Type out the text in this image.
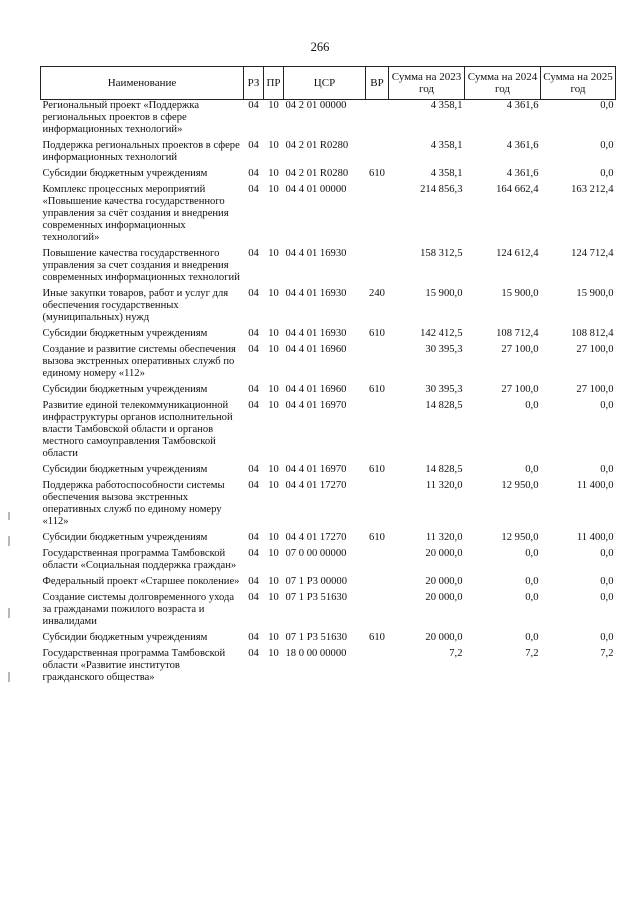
266
Наименование	РЗ	ПР	ЦСР	ВР	Сумма на 2023 год	Сумма на 2024 год	Сумма на 2025 год
Региональный проект «Поддержка региональных проектов в сфере информационных технологий»	04	10	04 2 01 00000		4 358,1	4 361,6	0,0
Поддержка региональных проектов в сфере информационных технологий	04	10	04 2 01 R0280		4 358,1	4 361,6	0,0
Субсидии бюджетным учреждениям	04	10	04 2 01 R0280	610	4 358,1	4 361,6	0,0
Комплекс процессных мероприятий «Повышение качества государственного управления за счёт создания и внедрения современных информационных технологий»	04	10	04 4 01 00000		214 856,3	164 662,4	163 212,4
Повышение качества государственного управления за счет создания и внедрения современных информационных технологий	04	10	04 4 01 16930		158 312,5	124 612,4	124 712,4
Иные закупки товаров, работ и услуг для обеспечения государственных (муниципальных) нужд	04	10	04 4 01 16930	240	15 900,0	15 900,0	15 900,0
Субсидии бюджетным учреждениям	04	10	04 4 01 16930	610	142 412,5	108 712,4	108 812,4
Создание и развитие системы обеспечения вызова экстренных оперативных служб по единому номеру «112»	04	10	04 4 01 16960		30 395,3	27 100,0	27 100,0
Субсидии бюджетным учреждениям	04	10	04 4 01 16960	610	30 395,3	27 100,0	27 100,0
Развитие единой телекоммуникационной инфраструктуры органов исполнительной власти Тамбовской области и органов местного самоуправления Тамбовской области	04	10	04 4 01 16970		14 828,5	0,0	0,0
Субсидии бюджетным учреждениям	04	10	04 4 01 16970	610	14 828,5	0,0	0,0
Поддержка работоспособности системы обеспечения вызова экстренных оперативных служб по единому номеру «112»	04	10	04 4 01 17270		11 320,0	12 950,0	11 400,0
Субсидии бюджетным учреждениям	04	10	04 4 01 17270	610	11 320,0	12 950,0	11 400,0
Государственная программа Тамбовской области «Социальная поддержка граждан»	04	10	07 0 00 00000		20 000,0	0,0	0,0
Федеральный проект «Старшее поколение»	04	10	07 1 P3 00000		20 000,0	0,0	0,0
Создание системы долговременного ухода за гражданами пожилого возраста и инвалидами	04	10	07 1 P3 51630		20 000,0	0,0	0,0
Субсидии бюджетным учреждениям	04	10	07 1 P3 51630	610	20 000,0	0,0	0,0
Государственная программа Тамбовской области «Развитие институтов гражданского общества»	04	10	18 0 00 00000		7,2	7,2	7,2
